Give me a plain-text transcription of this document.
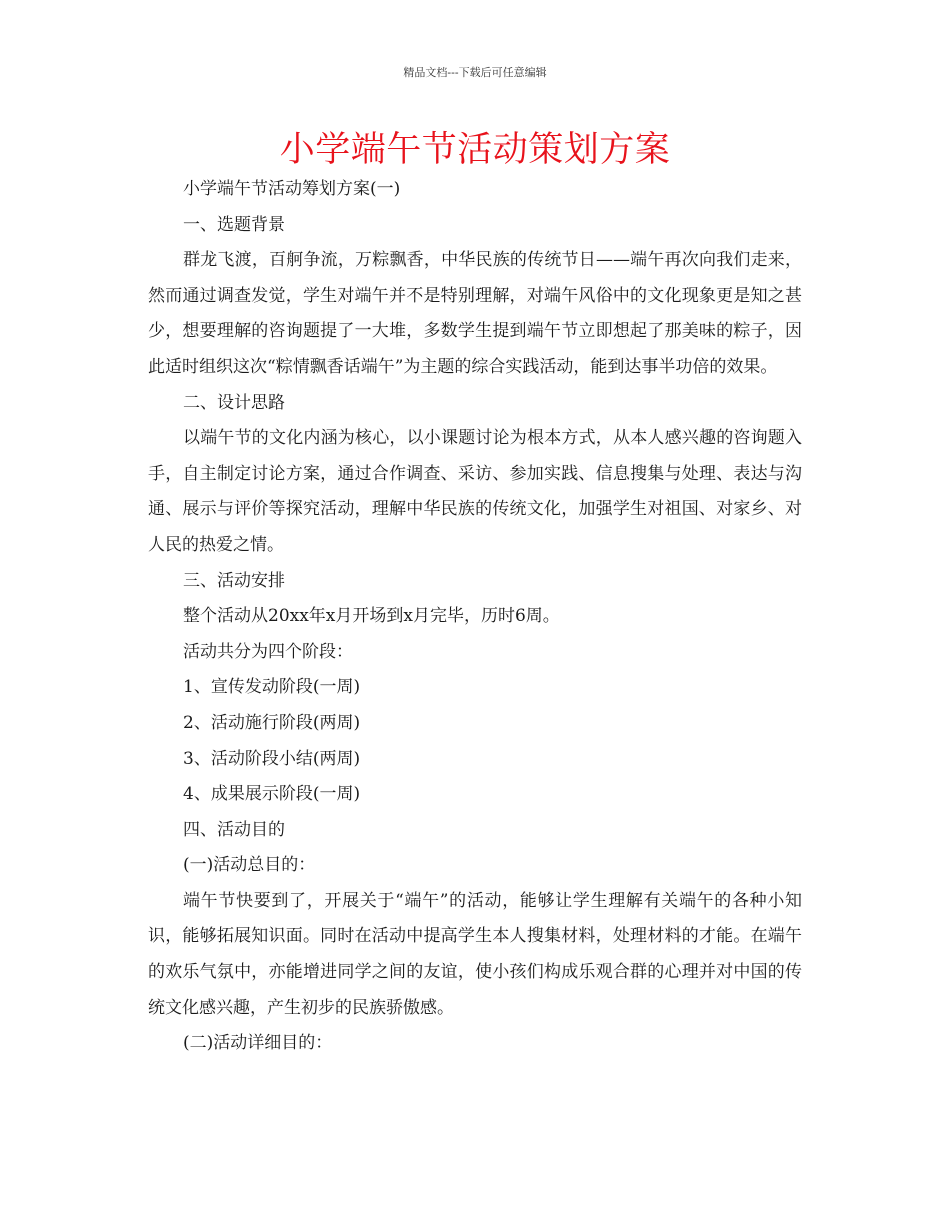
精品文档---下载后可任意编辑
小学端午节活动策划方案

小学端午节活动筹划方案(一)

一、选题背景

群龙飞渡，百舸争流，万粽飘香，中华民族的传统节日——端午再次向我们走来，然而通过调查发觉，学生对端午并不是特别理解，对端午风俗中的文化现象更是知之甚少，想要理解的咨询题提了一大堆，多数学生提到端午节立即想起了那美味的粽子，因此适时组织这次“粽情飘香话端午”为主题的综合实践活动，能到达事半功倍的效果。

二、设计思路

以端午节的文化内涵为核心，以小课题讨论为根本方式，从本人感兴趣的咨询题入手，自主制定讨论方案，通过合作调查、采访、参加实践、信息搜集与处理、表达与沟通、展示与评价等探究活动，理解中华民族的传统文化，加强学生对祖国、对家乡、对人民的热爱之情。

三、活动安排

整个活动从20xx年x月开场到x月完毕，历时6周。

活动共分为四个阶段：

1、宣传发动阶段(一周)

2、活动施行阶段(两周)

3、活动阶段小结(两周)

4、成果展示阶段(一周)

四、活动目的

(一)活动总目的：

端午节快要到了，开展关于“端午”的活动，能够让学生理解有关端午的各种小知识，能够拓展知识面。同时在活动中提高学生本人搜集材料，处理材料的才能。在端午的欢乐气氛中，亦能增进同学之间的友谊，使小孩们构成乐观合群的心理并对中国的传统文化感兴趣，产生初步的民族骄傲感。

(二)活动详细目的：
